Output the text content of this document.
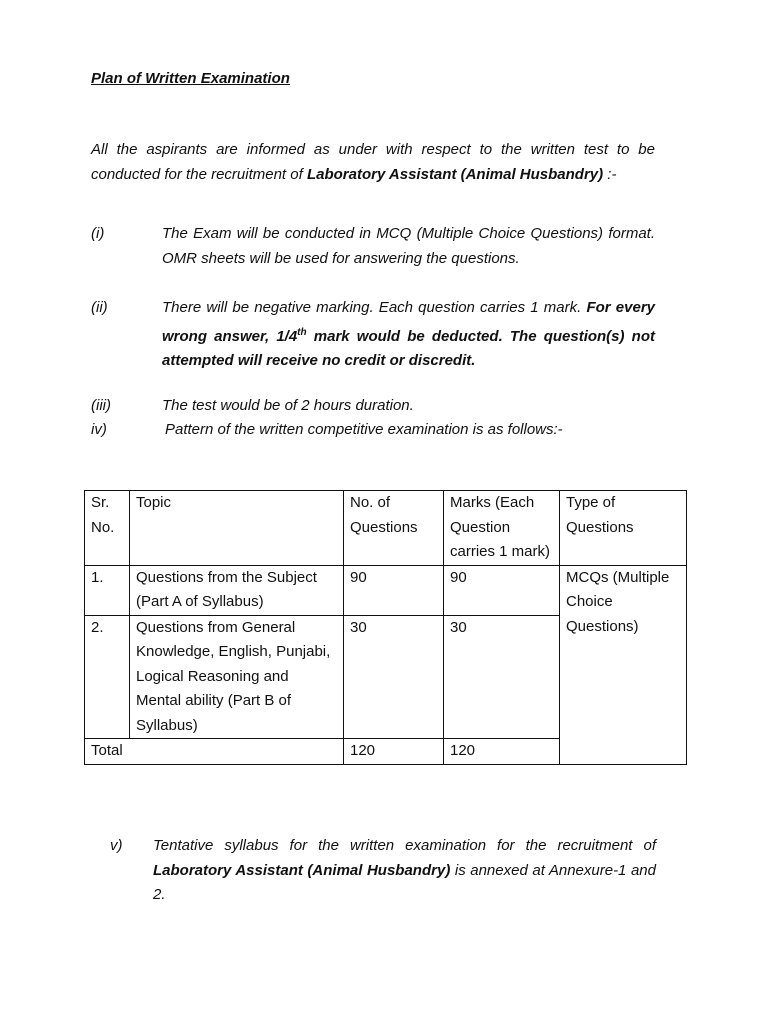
Plan of Written Examination
All the aspirants are informed as under with respect to the written test to be conducted for the recruitment of Laboratory Assistant (Animal Husbandry) :-
(i)	The Exam will be conducted in MCQ (Multiple Choice Questions) format. OMR sheets will be used for answering the questions.
(ii)	There will be negative marking. Each question carries 1 mark. For every wrong answer, 1/4th mark would be deducted. The question(s) not attempted will receive no credit or discredit.
(iii)	The test would be of 2 hours duration.
iv)	Pattern of the written competitive examination is as follows:-
Sr. No.	Topic	No. of Questions	Marks (Each Question carries 1 mark)	Type of Questions
1.	Questions from the Subject (Part A of Syllabus)	90	90	MCQs (Multiple Choice Questions)
2.	Questions from General Knowledge, English, Punjabi, Logical Reasoning and Mental ability (Part B of Syllabus)	30	30	
Total		120	120	
v) Tentative syllabus for the written examination for the recruitment of Laboratory Assistant (Animal Husbandry) is annexed at Annexure-1 and 2.
